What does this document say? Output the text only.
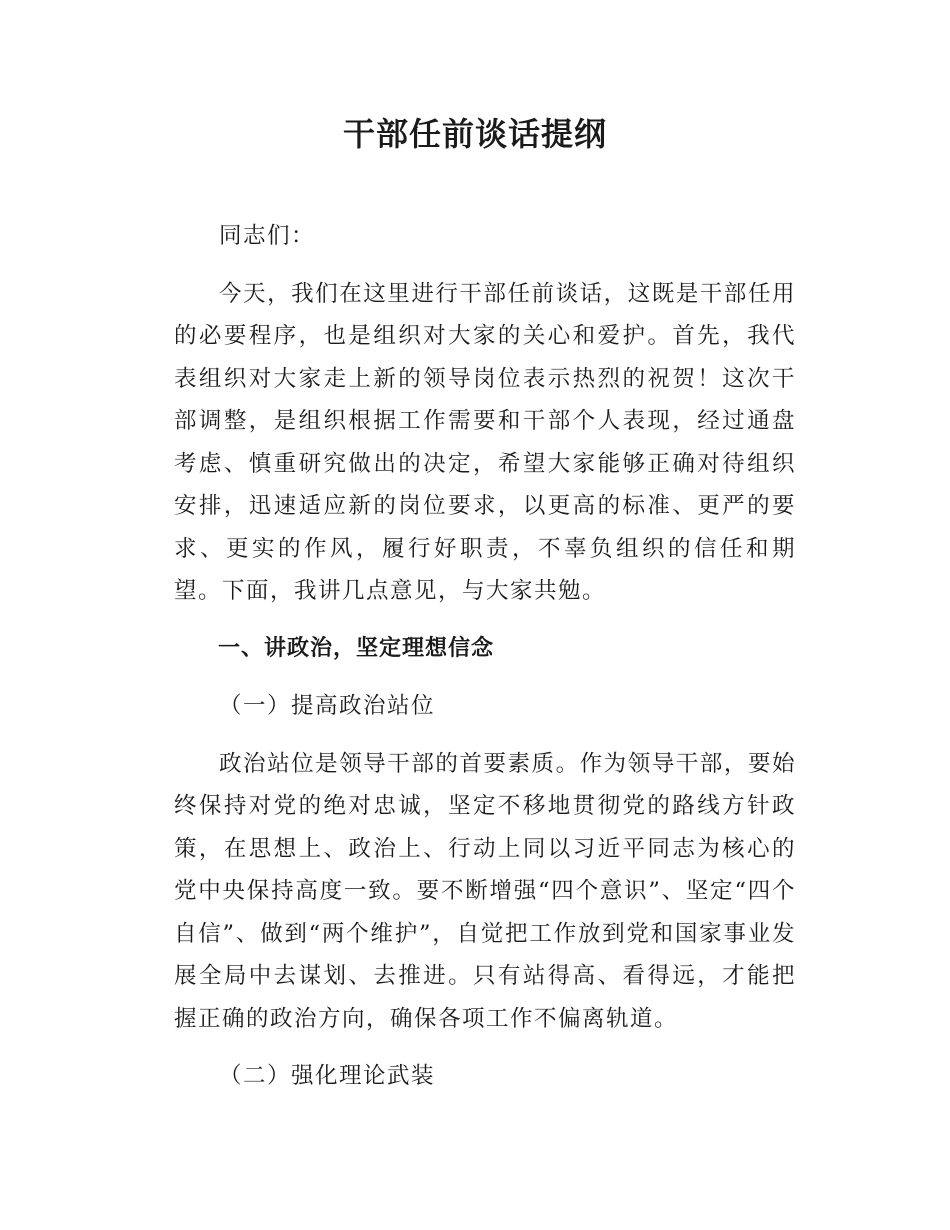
干部任前谈话提纲

同志们：

今天，我们在这里进行干部任前谈话，这既是干部任用的必要程序，也是组织对大家的关心和爱护。首先，我代表组织对大家走上新的领导岗位表示热烈的祝贺！这次干部调整，是组织根据工作需要和干部个人表现，经过通盘考虑、慎重研究做出的决定，希望大家能够正确对待组织安排，迅速适应新的岗位要求，以更高的标准、更严的要求、更实的作风，履行好职责，不辜负组织的信任和期望。下面，我讲几点意见，与大家共勉。

一、讲政治，坚定理想信念

（一）提高政治站位

政治站位是领导干部的首要素质。作为领导干部，要始终保持对党的绝对忠诚，坚定不移地贯彻党的路线方针政策，在思想上、政治上、行动上同以习近平同志为核心的党中央保持高度一致。要不断增强“四个意识”、坚定“四个自信”、做到“两个维护”，自觉把工作放到党和国家事业发展全局中去谋划、去推进。只有站得高、看得远，才能把握正确的政治方向，确保各项工作不偏离轨道。

（二）强化理论武装
